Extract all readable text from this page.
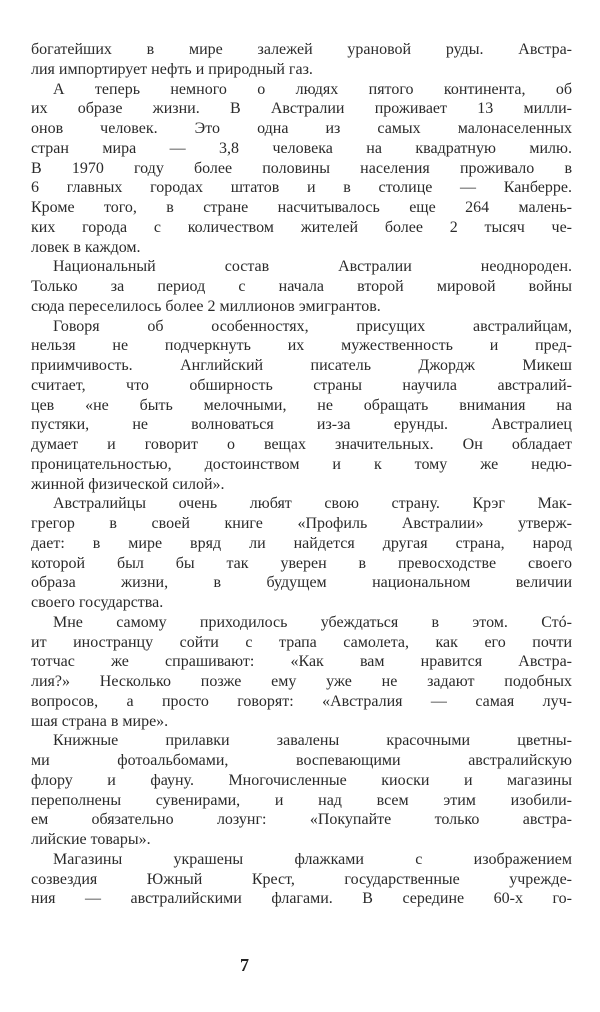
богатейших в мире залежей урановой руды. Австра-
лия импортирует нефть и природный газ.
А теперь немного о людях пятого континента, об
их образе жизни. В Австралии проживает 13 милли-
онов человек. Это одна из самых малонаселенных
стран мира — 3,8 человека на квадратную милю.
В 1970 году более половины населения проживало в
6 главных городах штатов и в столице — Канберре.
Кроме того, в стране насчитывалось еще 264 малень-
ких города с количеством жителей более 2 тысяч че-
ловек в каждом.
Национальный состав Австралии неоднороден.
Только за период с начала второй мировой войны
сюда переселилось более 2 миллионов эмигрантов.
Говоря об особенностях, присущих австралийцам,
нельзя не подчеркнуть их мужественность и пред-
приимчивость. Английский писатель Джордж Микеш
считает, что обширность страны научила австралий-
цев «не быть мелочными, не обращать внимания на
пустяки, не волноваться из-за ерунды. Австралиец
думает и говорит о вещах значительных. Он обладает
проницательностью, достоинством и к тому же недю-
жинной физической силой».
Австралийцы очень любят свою страну. Крэг Мак-
грегор в своей книге «Профиль Австралии» утверж-
дает: в мире вряд ли найдется другая страна, народ
которой был бы так уверен в превосходстве своего
образа жизни, в будущем национальном величии
своего государства.
Мне самому приходилось убеждаться в этом. Стó-
ит иностранцу сойти с трапа самолета, как его почти
тотчас же спрашивают: «Как вам нравится Австра-
лия?» Несколько позже ему уже не задают подобных
вопросов, а просто говорят: «Австралия — самая луч-
шая страна в мире».
Книжные прилавки завалены красочными цветны-
ми фотоальбомами, воспевающими австралийскую
флору и фауну. Многочисленные киоски и магазины
переполнены сувенирами, и над всем этим изобили-
ем обязательно лозунг: «Покупайте только австра-
лийские товары».
Магазины украшены флажками с изображением
созвездия Южный Крест, государственные учрежде-
ния — австралийскими флагами. В середине 60-х го-
7
